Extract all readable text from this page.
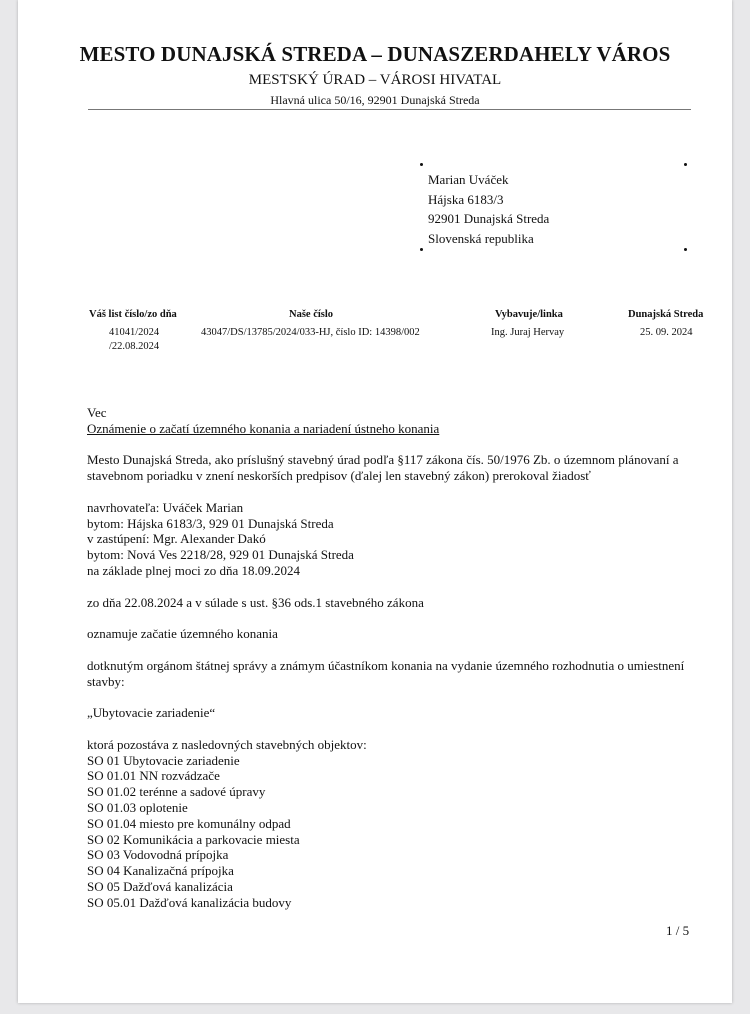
MESTO DUNAJSKÁ STREDA – DUNASZERDAHELY VÁROS
MESTSKÝ ÚRAD – VÁROSI HIVATAL
Hlavná ulica 50/16, 92901 Dunajská Streda
Marian Uváček
Hájska 6183/3
92901 Dunajská Streda
Slovenská republika
Váš list číslo/zo dňa
41041/2024
/22.08.2024
Naše číslo
43047/DS/13785/2024/033-HJ, číslo ID: 14398/002
Vybavuje/linka
Ing. Juraj Hervay
Dunajská Streda
25. 09. 2024

Vec

Oznámenie o začatí územného konania a nariadení ústneho konania

Mesto Dunajská Streda, ako príslušný stavebný úrad podľa §117 zákona čís. 50/1976 Zb. o územnom plánovaní a

stavebnom poriadku v znení neskorších predpisov (ďalej len stavebný zákon) prerokoval žiadosť

navrhovateľa: Uváček Marian

bytom: Hájska 6183/3, 929 01 Dunajská Streda

v zastúpení: Mgr. Alexander Dakó

bytom: Nová Ves 2218/28, 929 01 Dunajská Streda

na základe plnej moci zo dňa 18.09.2024

zo dňa 22.08.2024 a v súlade s ust. §36 ods.1 stavebného zákona

oznamuje začatie územného konania

dotknutým orgánom štátnej správy a známym účastníkom konania na vydanie územného rozhodnutia o umiestnení

stavby:

„Ubytovacie zariadenie“

ktorá pozostáva z nasledovných stavebných objektov:

SO 01 Ubytovacie zariadenie

SO 01.01 NN rozvádzače

SO 01.02 terénne a sadové úpravy

SO 01.03 oplotenie

SO 01.04 miesto pre komunálny odpad

SO 02 Komunikácia a parkovacie miesta

SO 03 Vodovodná prípojka

SO 04 Kanalizačná prípojka

SO 05 Dažďová kanalizácia

SO 05.01 Dažďová kanalizácia budovy

1 / 5
